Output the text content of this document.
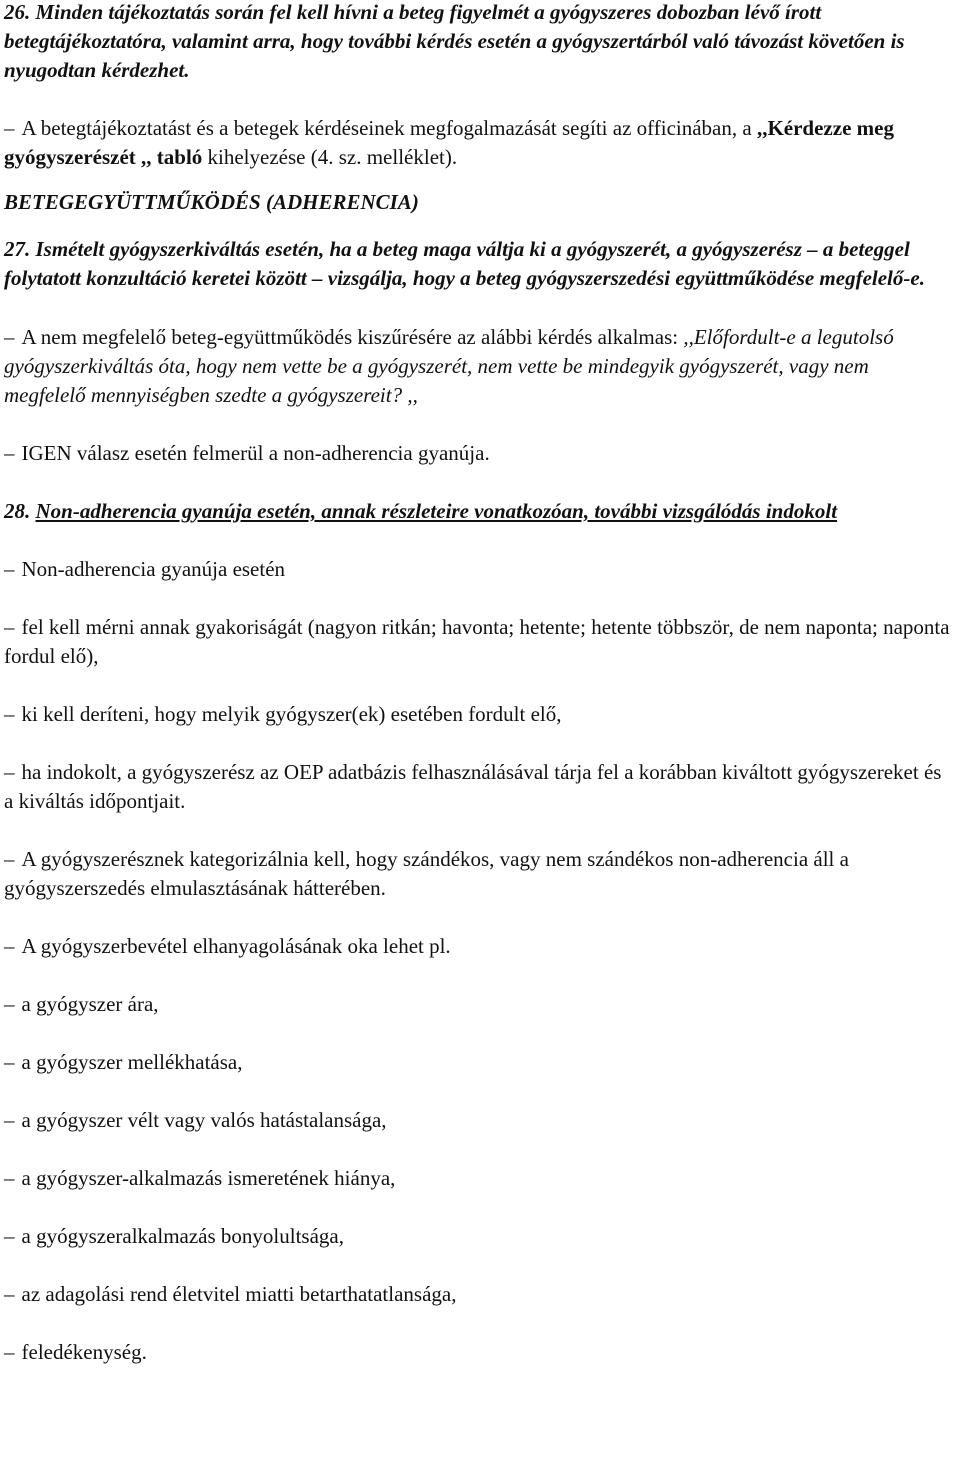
26. Minden tájékoztatás során fel kell hívni a beteg figyelmét a gyógyszeres dobozban lévő írott betegtájékoztatóra, valamint arra, hogy további kérdés esetén a gyógyszertárból való távozást követően is nyugodtan kérdezhet.

– A betegtájékoztatást és a betegek kérdéseinek megfogalmazását segíti az officinában, a ,,Kérdezze meg gyógyszerészét ,, tabló kihelyezése (4. sz. melléklet).

BETEGEGYÜTTMŰKÖDÉS (ADHERENCIA)

27. Ismételt gyógyszerkiváltás esetén, ha a beteg maga váltja ki a gyógyszerét, a gyógyszerész – a beteggel folytatott konzultáció keretei között – vizsgálja, hogy a beteg gyógyszerszedési együttműködése megfelelő-e.

– A nem megfelelő beteg-együttműködés kiszűrésére az alábbi kérdés alkalmas: ,,Előfordult-e a legutolsó gyógyszerkiváltás óta, hogy nem vette be a gyógyszerét, nem vette be mindegyik gyógyszerét, vagy nem megfelelő mennyiségben szedte a gyógyszereit? ,,

– IGEN válasz esetén felmerül a non-adherencia gyanúja.

28. Non-adherencia gyanúja esetén, annak részleteire vonatkozóan, további vizsgálódás indokolt

– Non-adherencia gyanúja esetén

– fel kell mérni annak gyakoriságát (nagyon ritkán; havonta; hetente; hetente többször, de nem naponta; naponta fordul elő),

– ki kell deríteni, hogy melyik gyógyszer(ek) esetében fordult elő,

– ha indokolt, a gyógyszerész az OEP adatbázis felhasználásával tárja fel a korábban kiváltott gyógyszereket és a kiváltás időpontjait.

– A gyógyszerésznek kategorizálnia kell, hogy szándékos, vagy nem szándékos non-adherencia áll a gyógyszerszedés elmulasztásának hátterében.

– A gyógyszerbevétel elhanyagolásának oka lehet pl.

– a gyógyszer ára,

– a gyógyszer mellékhatása,

– a gyógyszer vélt vagy valós hatástalansága,

– a gyógyszer-alkalmazás ismeretének hiánya,

– a gyógyszeralkalmazás bonyolultsága,

– az adagolási rend életvitel miatti betarthatatlansága,

– feledékenység.
